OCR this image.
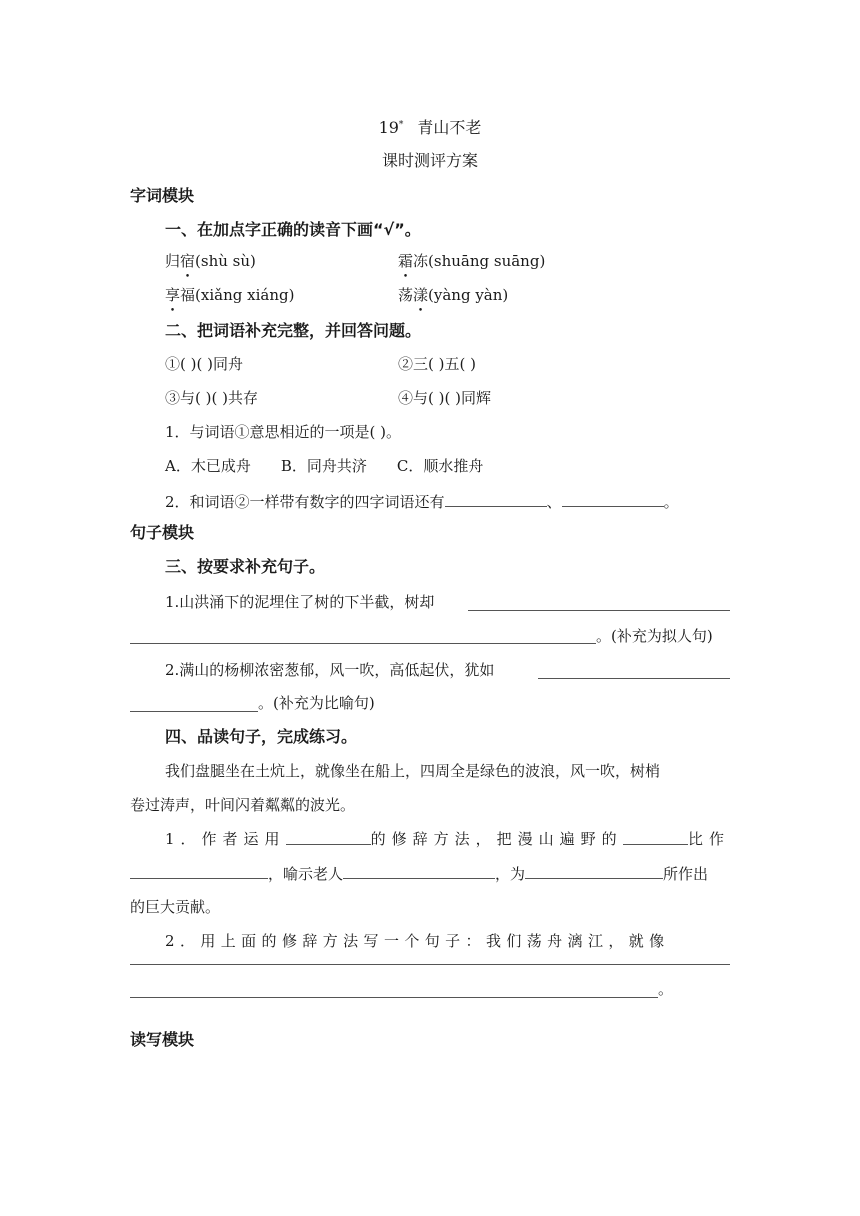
19* 青山不老
课时测评方案
字词模块
一、在加点字正确的读音下画“√”。
归宿(shù sù)	霜冻(shuāng suāng)
享福(xiǎng xiáng)	荡漾(yàng yàn)
二、把词语补充完整，并回答问题。
①( )( )同舟	②三( )五( )
③与( )( )共存	④与( )( )同辉
1．与词语①意思相近的一项是( )。
A．木已成舟 B．同舟共济 C．顺水推舟
2．和词语②一样带有数字的四字词语还有	、	。
句子模块
三、按要求补充句子。
1.山洪涌下的泥埋住了树的下半截，树却
。(补充为拟人句)
2.满山的杨柳浓密葱郁，风一吹，高低起伏，犹如
。(补充为比喻句)
四、品读句子，完成练习。
我们盘腿坐在土炕上，就像坐在船上，四周全是绿色的波浪，风一吹，树梢
卷过涛声，叶间闪着粼粼的波光。
1．作者运用	的修辞方法，把漫山遍野的	比作
，喻示老人	，为	所作出
的巨大贡献。
2．用上面的修辞方法写一个句子：我们荡舟漓江，就像
。
读写模块
